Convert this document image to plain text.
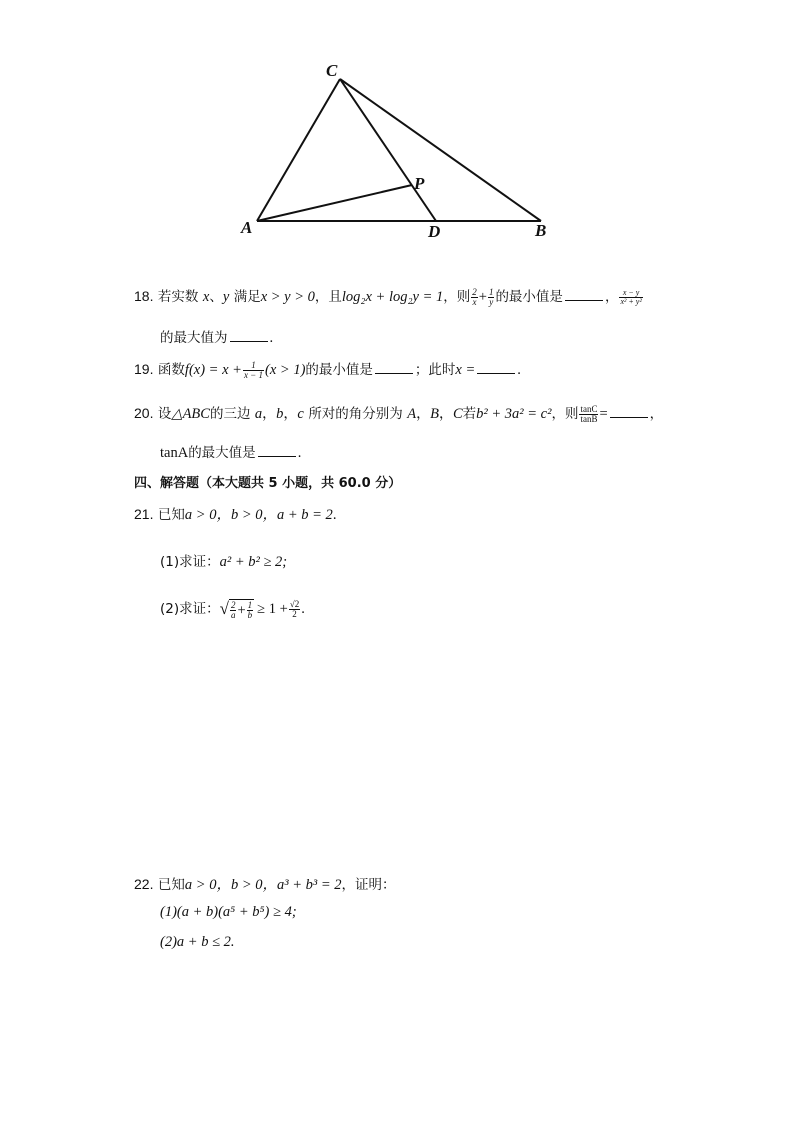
C
P
A	D	B
18. 若实数 x、y 满足x > y > 0，且log₂x + log₂y = 1，则 $\frac{2}{x} + \frac{1}{y}$ 的最小值是	， $\frac{x - y}{\text{x² + y²}}$
的最大值为	.
19. 函数$f(x) = x + \frac{1}{x - 1} (x > 1)$的最小值是	；此时x =	.
20. 设△ABC的三边 a，b，c 所对的角分别为 A，B，C若b² + 3a² = c²，则 $\frac{\tan C}{\tan B}$ =	，
tanA的最大值是	.
四、解答题（本大题共 5 小题，共 60.0 分）
21. 已知a > 0，b > 0，a + b = 2.
(1)求证：a² + b² ≥ 2;
(2)求证：√ $\frac{2}{a} + \frac{1}{b} \ge 1 + \frac{√2}{2}$ .
22. 已知a > 0，b > 0，a³ + b³ = 2，证明：
(1)(a + b)(a⁵ + b⁵) ≥ 4;
(2)a + b ≤ 2.
